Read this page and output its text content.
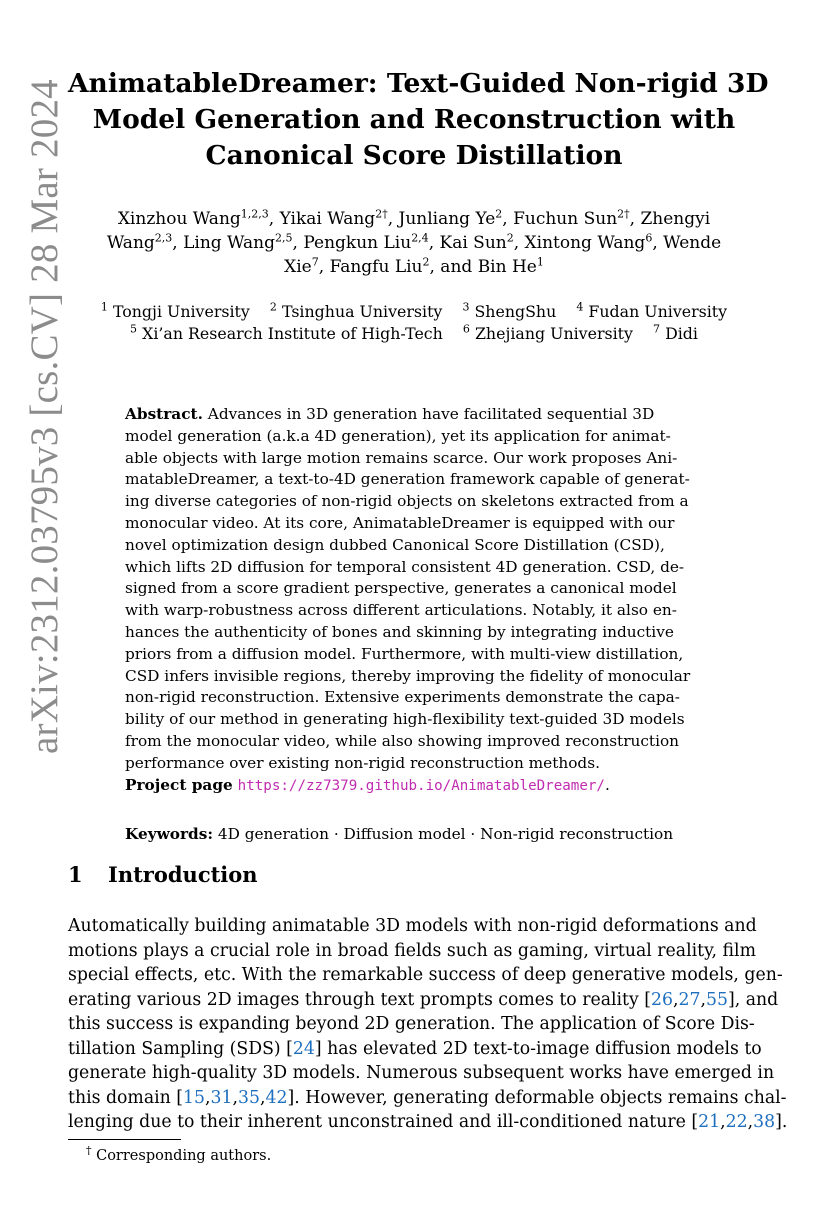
arXiv:2312.03795v3 [cs.CV] 28 Mar 2024 AnimatableDreamer: Text-Guided Non-rigid 3D
Model Generation and Reconstruction with
Canonical Score Distillation
Xinzhou Wang$^{1,2,3}$, Yikai Wang$^{2\dagger}$, Junliang Ye$^2$, Fuchun Sun$^{2\dagger}$, Zhengyi
Wang$^{2,3}$, Ling Wang$^{2,5}$, Pengkun Liu$^{2,4}$, Kai Sun$^2$, Xintong Wang$^6$, Wende
Xie$^7$, Fangfu Liu$^2$, and Bin He$^1$
$^1$ Tongji University $^2$ Tsinghua University $^3$ ShengShu $^4$ Fudan University
$^5$ Xi’an Research Institute of High-Tech $^6$ Zhejiang University $^7$ Didi
Abstract. Advances in 3D generation have facilitated sequential 3D
model generation (a.k.a 4D generation), yet its application for animat-
able objects with large motion remains scarce. Our work proposes Ani-
matableDreamer, a text-to-4D generation framework capable of generat-
ing diverse categories of non-rigid objects on skeletons extracted from a
monocular video. At its core, AnimatableDreamer is equipped with our
novel optimization design dubbed Canonical Score Distillation (CSD),
which lifts 2D diffusion for temporal consistent 4D generation. CSD, de-
signed from a score gradient perspective, generates a canonical model
with warp-robustness across different articulations. Notably, it also en-
hances the authenticity of bones and skinning by integrating inductive
priors from a diffusion model. Furthermore, with multi-view distillation,
CSD infers invisible regions, thereby improving the fidelity of monocular
non-rigid reconstruction. Extensive experiments demonstrate the capa-
bility of our method in generating high-flexibility text-guided 3D models
from the monocular video, while also showing improved reconstruction
performance over existing non-rigid reconstruction methods.
Project page https://zz7379.github.io/AnimatableDreamer/.
Keywords: 4D generation · Diffusion model · Non-rigid reconstruction
1 Introduction
Automatically building animatable 3D models with non-rigid deformations and
motions plays a crucial role in broad fields such as gaming, virtual reality, film
special effects, etc. With the remarkable success of deep generative models, gen-
erating various 2D images through text prompts comes to reality [26,27,55], and
this success is expanding beyond 2D generation. The application of Score Dis-
tillation Sampling (SDS) [24] has elevated 2D text-to-image diffusion models to
generate high-quality 3D models. Numerous subsequent works have emerged in
this domain [15,31,35,42]. However, generating deformable objects remains chal-
lenging due to their inherent unconstrained and ill-conditioned nature [21,22,38].
† Corresponding authors.
